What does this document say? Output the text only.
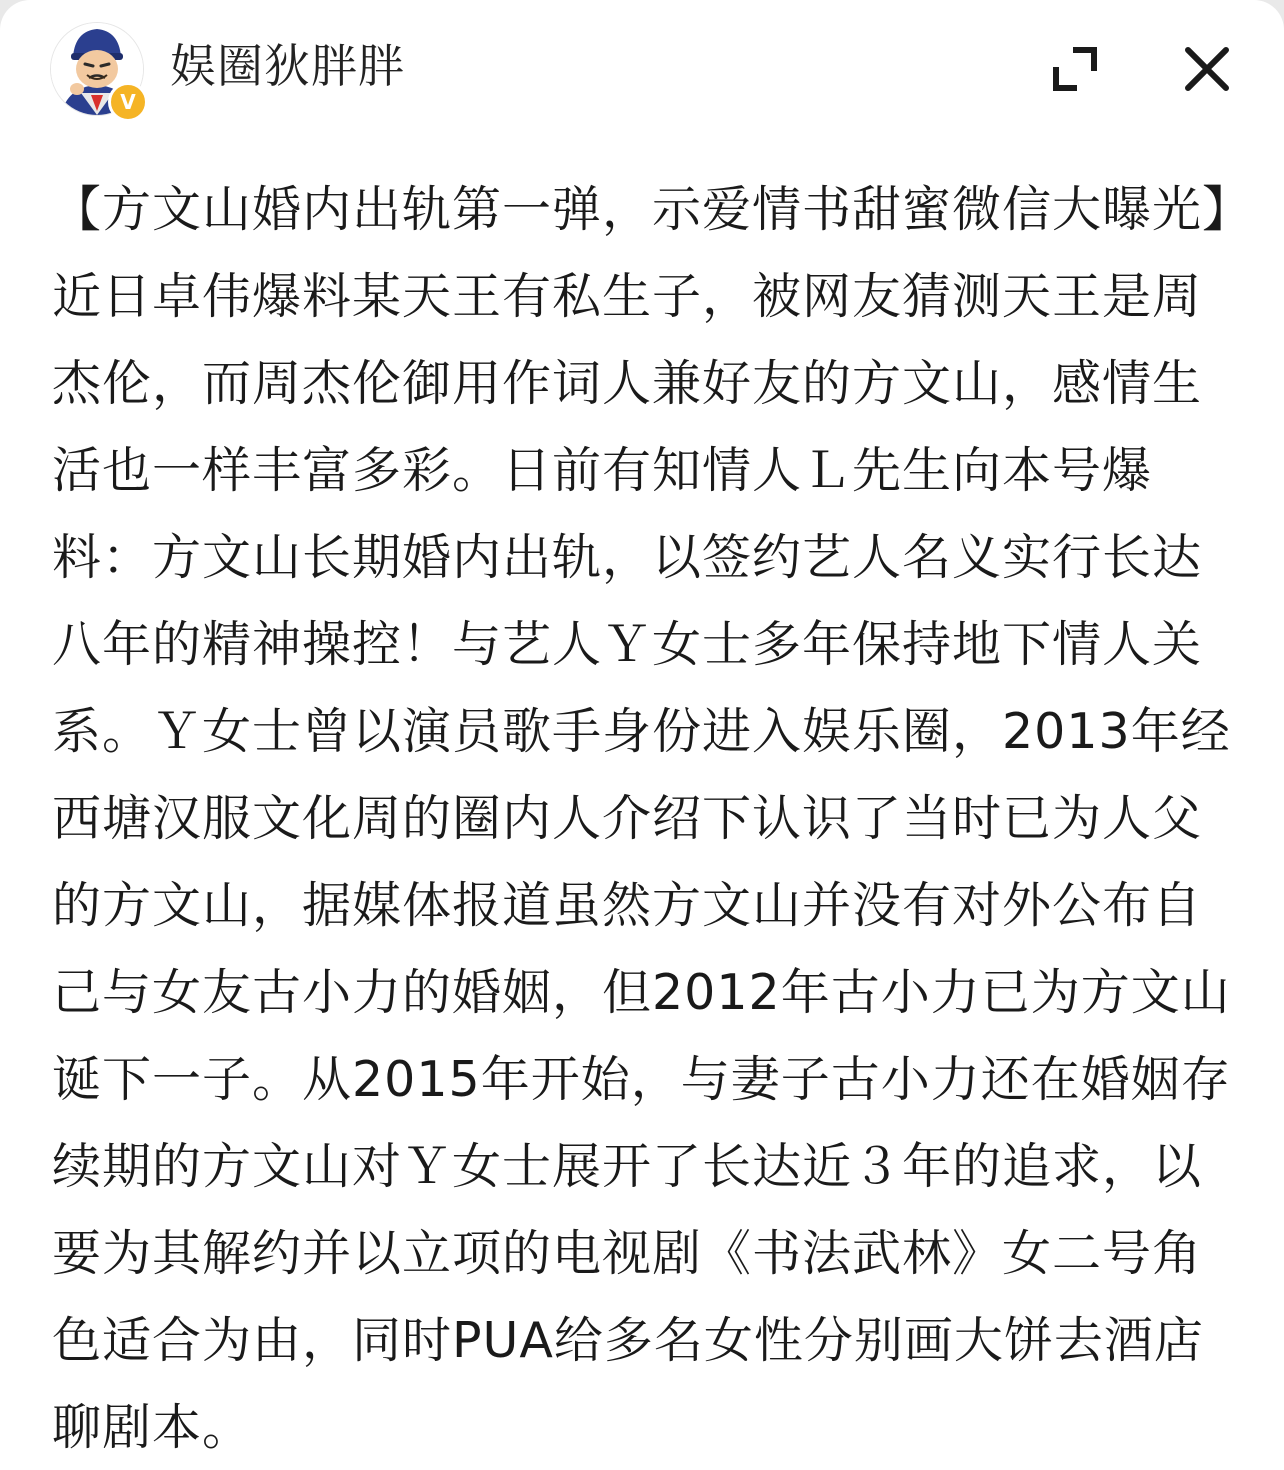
V
娱圈狄胖胖

【方文山婚内出轨第一弹，示爱情书甜蜜微信大曝光】

近日卓伟爆料某天王有私生子，被网友猜测天王是周杰伦，而周杰伦御用作词人兼好友的方文山，感情生活也一样丰富多彩。日前有知情人Ｌ先生向本号爆料：方文山长期婚内出轨，以签约艺人名义实行长达八年的精神操控！与艺人Ｙ女士多年保持地下情人关系。Ｙ女士曾以演员歌手身份进入娱乐圈，2013年经西塘汉服文化周的圈内人介绍下认识了当时已为人父的方文山，据媒体报道虽然方文山并没有对外公布自己与女友古小力的婚姻，但2012年古小力已为方文山诞下一子。从2015年开始，与妻子古小力还在婚姻存续期的方文山对Ｙ女士展开了长达近３年的追求，以要为其解约并以立项的电视剧《书法武林》女二号角色适合为由，同时PUA给多名女性分别画大饼去酒店聊剧本。
